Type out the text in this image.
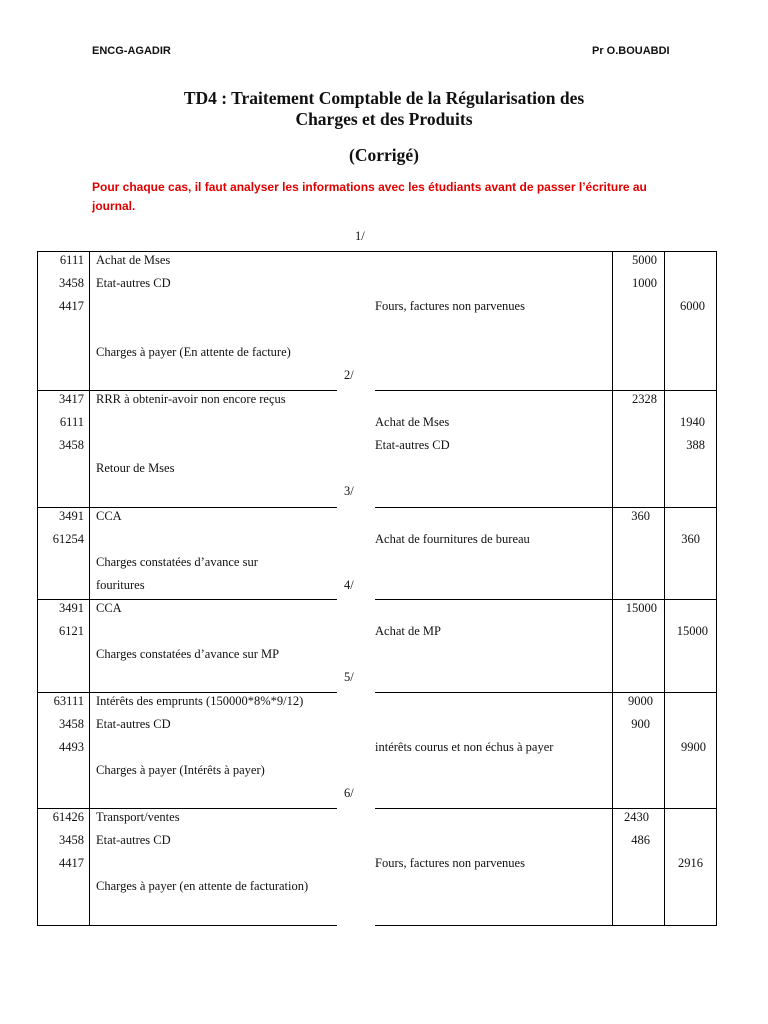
ENCG-AGADIR	Pr O.BOUABDI
TD4 : Traitement Comptable de la Régularisation des
Charges et des Produits
(Corrigé)
Pour chaque cas, il faut analyser les informations avec les étudiants avant de passer l’écriture au journal.
1/
6111 Achat de Mses	5000
3458 Etat-autres CD	1000
4417	Fours, factures non parvenues	6000
Charges à payer (En attente de facture)
2/
3417 RRR à obtenir-avoir non encore reçus	2328
6111	Achat de Mses	1940
3458	Etat-autres CD	388
Retour de Mses
3/
3491 CCA	360
61254	Achat de fournitures de bureau	360
Charges constatées d’avance sur
fouritures	4/
3491 CCA	15000
6121	Achat de MP	15000
Charges constatées d’avance sur MP
5/
63111 Intérêts des emprunts (150000*8%*9/12)	9000
3458 Etat-autres CD	900
4493	intérêts courus et non échus à payer	9900
Charges à payer (Intérêts à payer)
6/
61426 Transport/ventes	2430
3458 Etat-autres CD	486
4417	Fours, factures non parvenues	2916
Charges à payer (en attente de facturation)
